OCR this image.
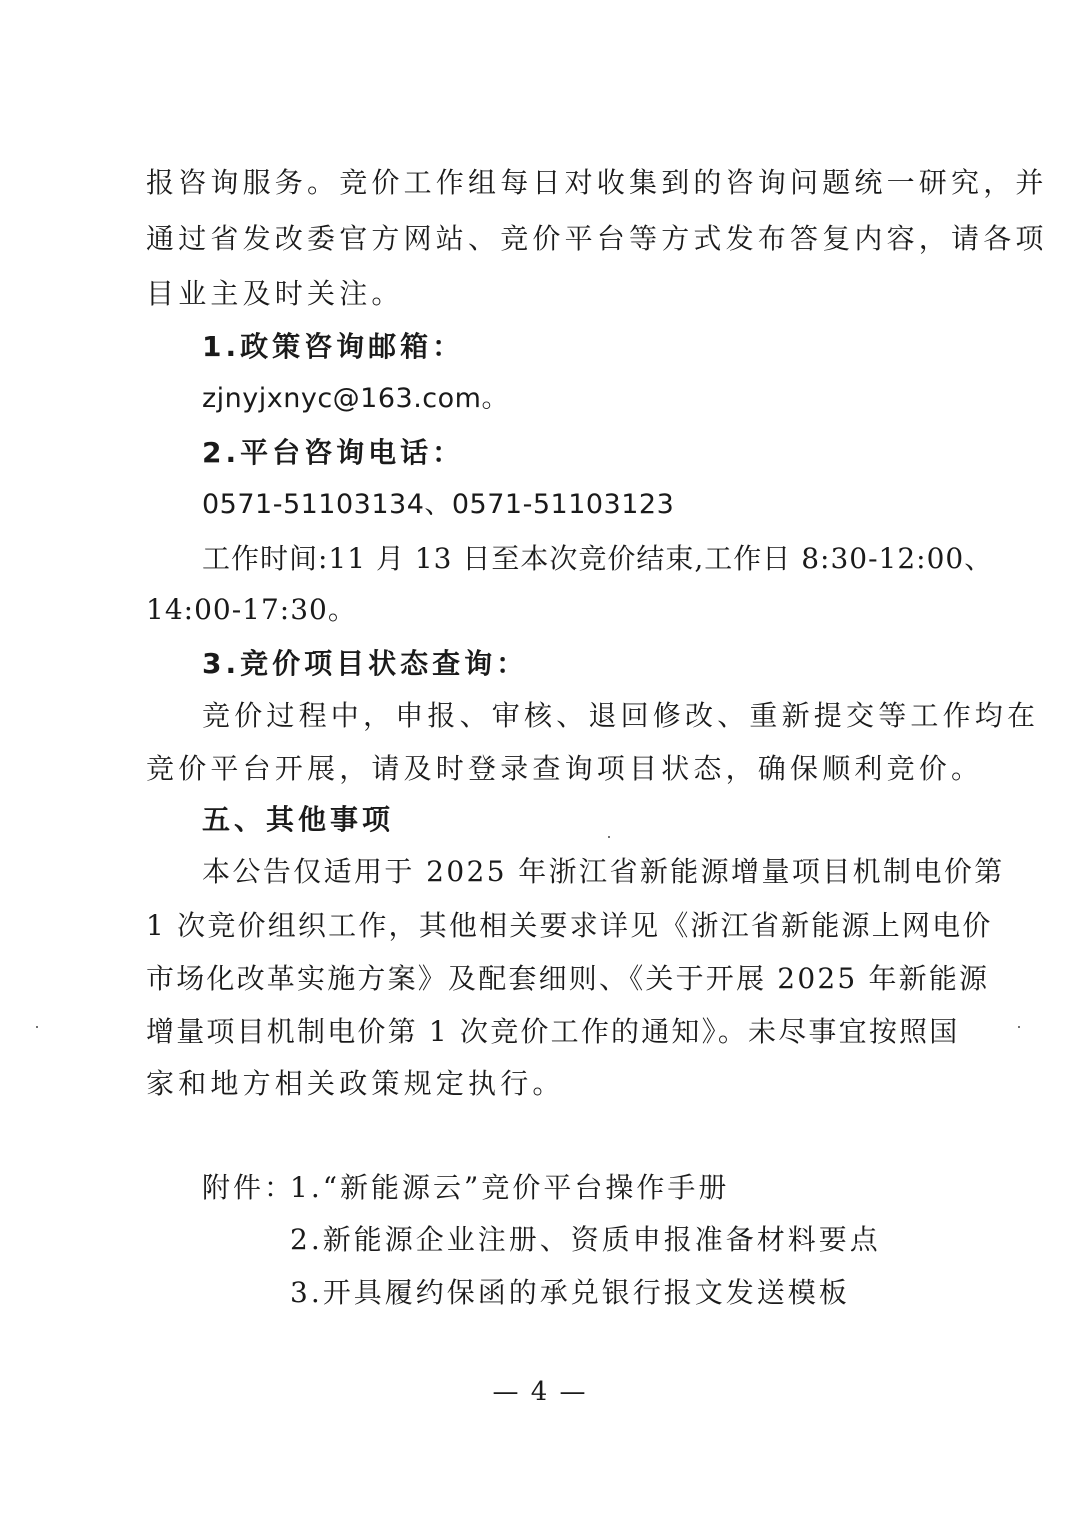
报咨询服务。竞价工作组每日对收集到的咨询问题统一研究，并
通过省发改委官方网站、竞价平台等方式发布答复内容，请各项
目业主及时关注。
1.政策咨询邮箱：
zjnyjxnyc@163.com。
2.平台咨询电话：
0571-51103134、0571-51103123
工作时间:11 月 13 日至本次竞价结束,工作日 8:30-12:00、
14:00-17:30。
3.竞价项目状态查询：
竞价过程中，申报、审核、退回修改、重新提交等工作均在
竞价平台开展，请及时登录查询项目状态，确保顺利竞价。
五、其他事项
本公告仅适用于 2025 年浙江省新能源增量项目机制电价第
1 次竞价组织工作，其他相关要求详见《浙江省新能源上网电价
市场化改革实施方案》及配套细则、《关于开展 2025 年新能源
增量项目机制电价第 1 次竞价工作的通知》。未尽事宜按照国
家和地方相关政策规定执行。
附件：
1.“新能源云”竞价平台操作手册
2.新能源企业注册、资质申报准备材料要点
3.开具履约保函的承兑银行报文发送模板
— 4 —
